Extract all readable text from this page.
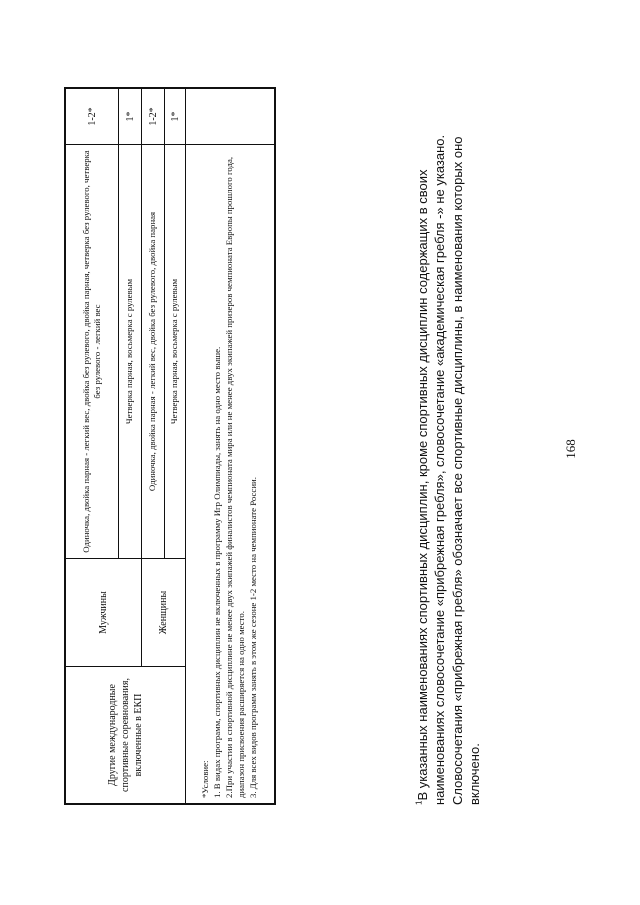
168
Другие международные спортивные соревнования, включенные в ЕКП	Мужчины	Одиночка, двойка парная - легкий вес, двойка без рулевого, двойка парная, четверка без рулевого, четверка без рулевого - легкий вес	1-2*
		Четверка парная, восьмерка с рулевым	1*
	Женщины	Одиночка, двойка парная - легкий вес, двойка без рулевого, двойка парная	1-2*
		Четверка парная, восьмерка с рулевым	1*

*Условие: 1. В видах программ, спортивных дисциплин не включенных в программу Игр Олимпиады, занять на одно место выше. 2.При участии в спортивной дисциплине не менее двух экипажей финалистов чемпионата мира или не менее двух экипажей призеров чемпионата Европы прошлого года, диапазон присвоения расширяется на одно место. 3. Для всех видов программ занять в этом же сезоне 1-2 место на чемпионате России.			

$^1$В указанных наименованиях спортивных дисциплин, кроме спортивных дисциплин содержащих в своих наименованиях словосочетание «прибрежная гребля», словосочетание «академическая гребля -» не указано. Словосочетания «прибрежная гребля» обозначает все спортивные дисциплины, в наименования которых оно включено.
